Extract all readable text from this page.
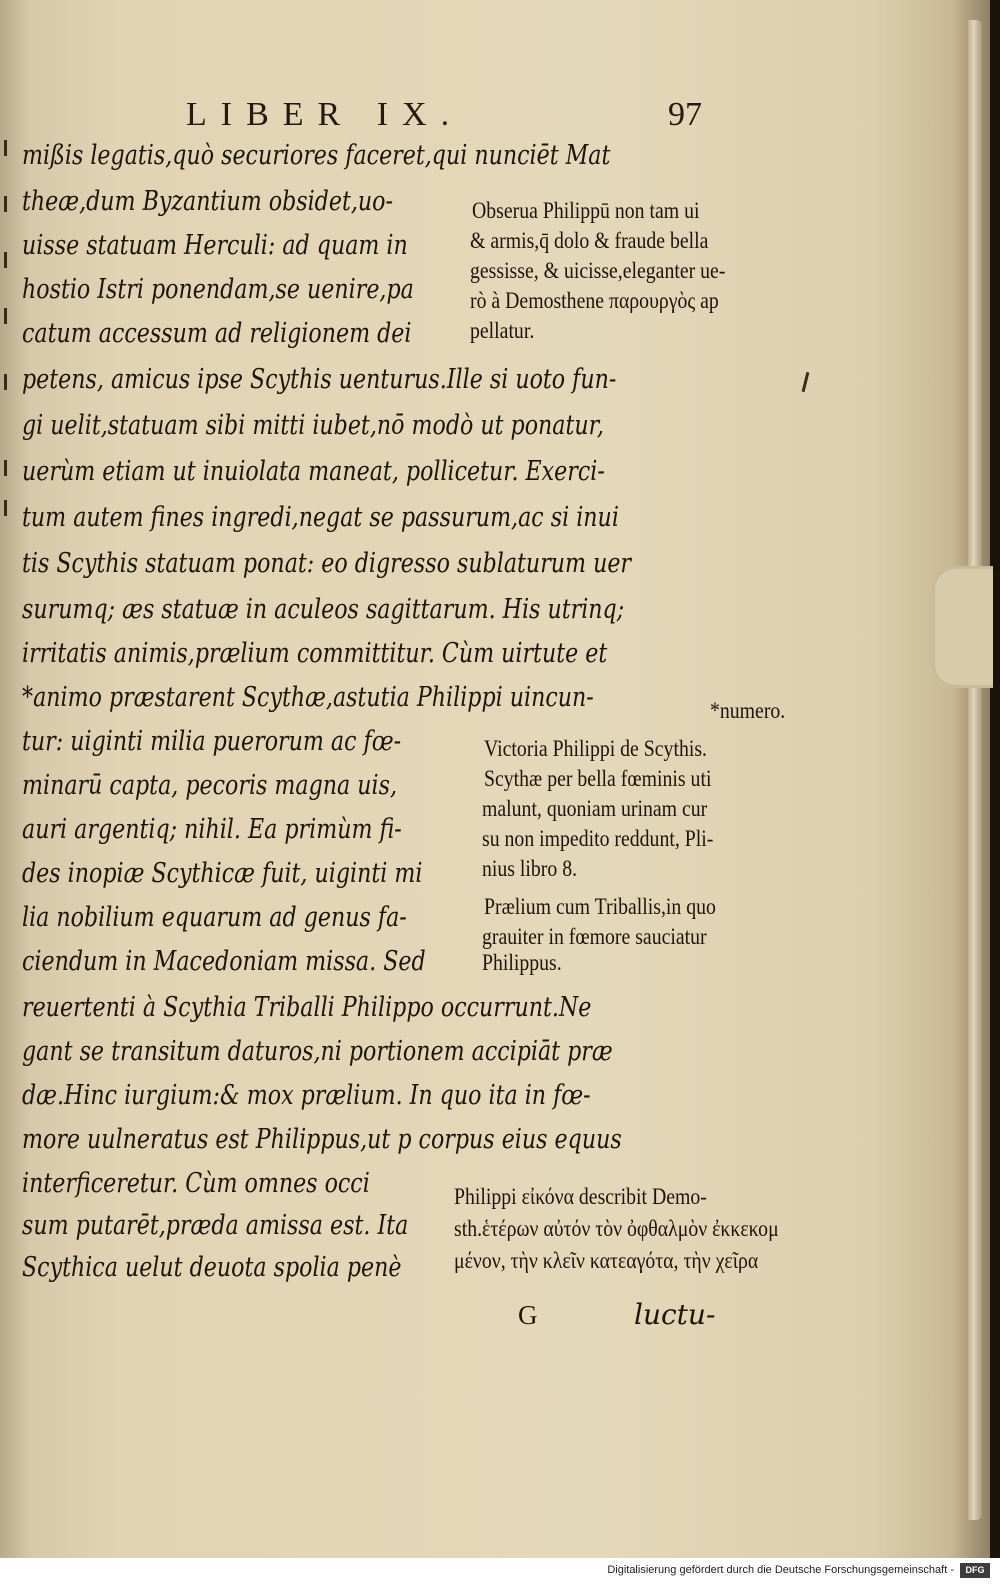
LIBER IX.	97
mißis legatis,quò securiores faceret,qui nunciēt Mat
theæ,dum Byzantium obsidet,uo-
uisse statuam Herculi: ad quam in
hostio Istri ponendam,se uenire,pa
catum accessum ad religionem dei
petens, amicus ipse Scythis uenturus.Ille si uoto fun-
gi uelit,statuam sibi mitti iubet,nō modò ut ponatur,
uerùm etiam ut inuiolata maneat, pollicetur. Exerci-
tum autem fines ingredi,negat se passurum,ac si inui
tis Scythis statuam ponat: eo digresso sublaturum uer
surumq; æs statuæ in aculeos sagittarum. His utrinq;
irritatis animis,prælium committitur. Cùm uirtute et
*animo præstarent Scythæ,astutia Philippi uincun-
tur: uiginti milia puerorum ac fœ-
minarū capta, pecoris magna uis,
auri argentiq; nihil. Ea primùm fi-
des inopiæ Scythicæ fuit, uiginti mi
lia nobilium equarum ad genus fa-
ciendum in Macedoniam missa. Sed
reuertenti à Scythia Triballi Philippo occurrunt.Ne
gant se transitum daturos,ni portionem accipiāt præ
dæ.Hinc iurgium:& mox prælium. In quo ita in fœ-
more uulneratus est Philippus,ut p corpus eius equus
interficeretur. Cùm omnes occi
sum putarēt,præda amissa est. Ita
Scythica uelut deuota spolia penè
Obserua Philippū non tam ui
& armis,q̄ dolo & fraude bella
gessisse, & uicisse,eleganter ue-
rò à Demosthene παρουργὸς ap
pellatur.
*numero.
Victoria Philippi de Scythis.
Scythæ per bella fœminis uti
malunt, quoniam urinam cur
su non impedito reddunt, Pli-
nius libro 8.
Prælium cum Triballis,in quo
grauiter in fœmore sauciatur
Philippus.
Philippi εἰκόνα describit Demo-
sth.ἑτέρων αὐτόν τὸν ὀφθαλμὸν ἐκκεκομ
μένον, τὴν κλεῖν κατεαγότα, τὴν χεῖρα
G	luctu-
Digitalisierung gefördert durch die Deutsche Forschungsgemeinschaft -	DFG
